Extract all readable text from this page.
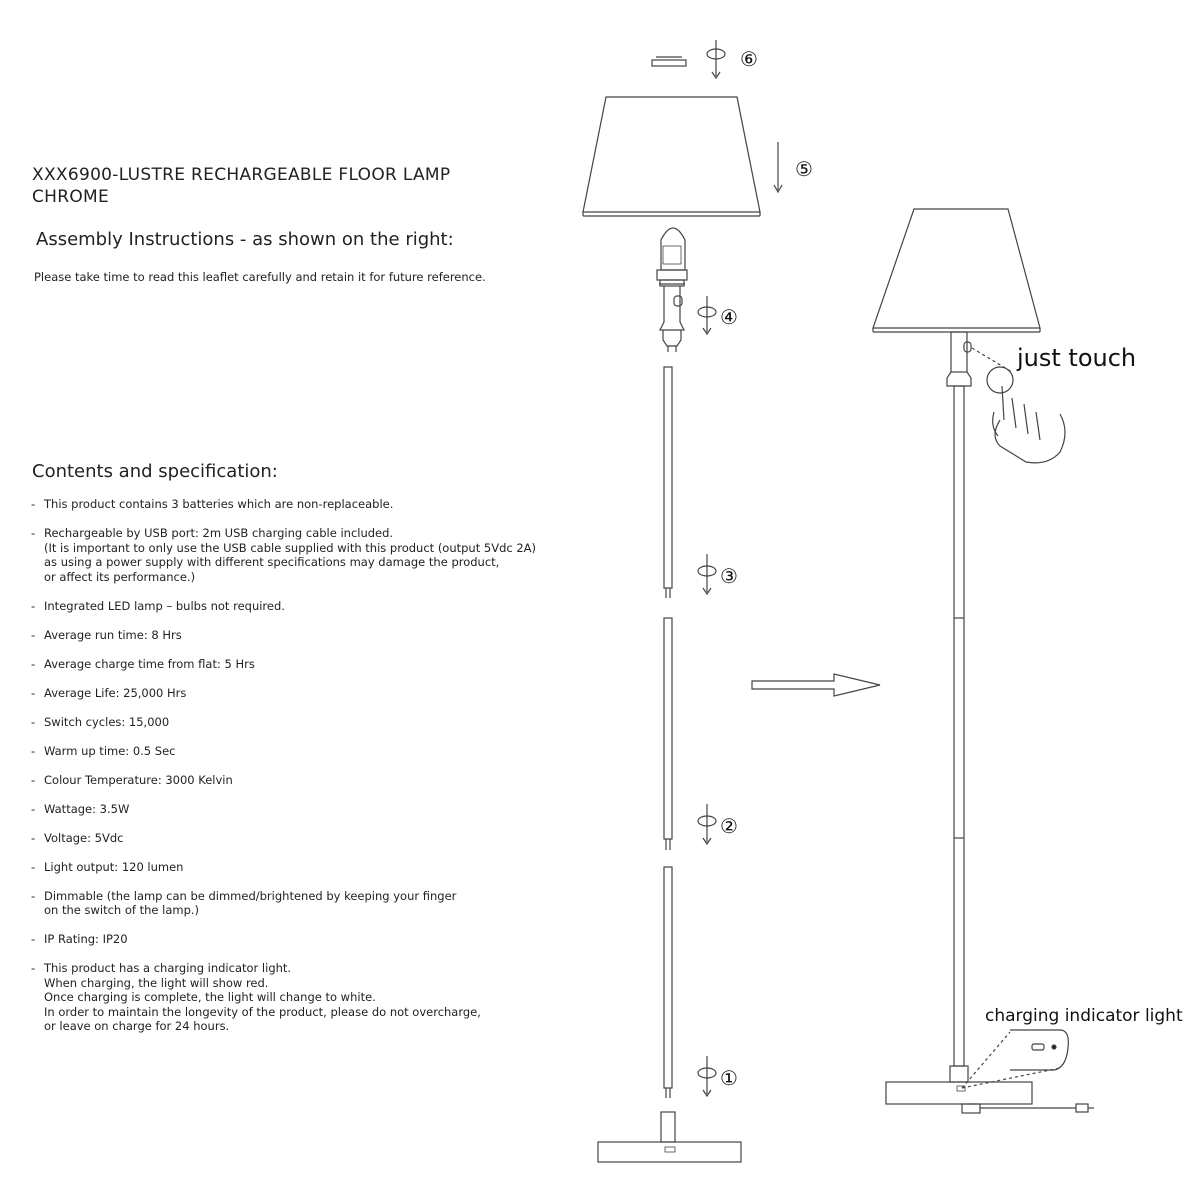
XXX6900-LUSTRE RECHARGEABLE FLOOR LAMP CHROME
Assembly Instructions - as shown on the right:
Please take time to read this leaflet carefully and retain it for future reference.
Contents and specification:
- This product contains 3 batteries which are non-replaceable.
- Rechargeable by USB port: 2m USB charging cable included.
(It is important to only use the USB cable supplied with this product (output 5Vdc 2A)
as using a power supply with different specifications may damage the product,
or affect its performance.)
- Integrated LED lamp – bulbs not required.
- Average run time: 8 Hrs
- Average charge time from flat: 5 Hrs
- Average Life: 25,000 Hrs
- Switch cycles: 15,000
- Warm up time: 0.5 Sec
- Colour Temperature: 3000 Kelvin
- Wattage: 3.5W
- Voltage: 5Vdc
- Light output: 120 lumen
- Dimmable (the lamp can be dimmed/brightened by keeping your finger
on the switch of the lamp.)
- IP Rating: IP20
- This product has a charging indicator light.
When charging, the light will show red.
Once charging is complete, the light will change to white.
In order to maintain the longevity of the product, please do not overcharge,
or leave on charge for 24 hours.
⑥
⑤
④
③
②
①
just touch
charging indicator light
